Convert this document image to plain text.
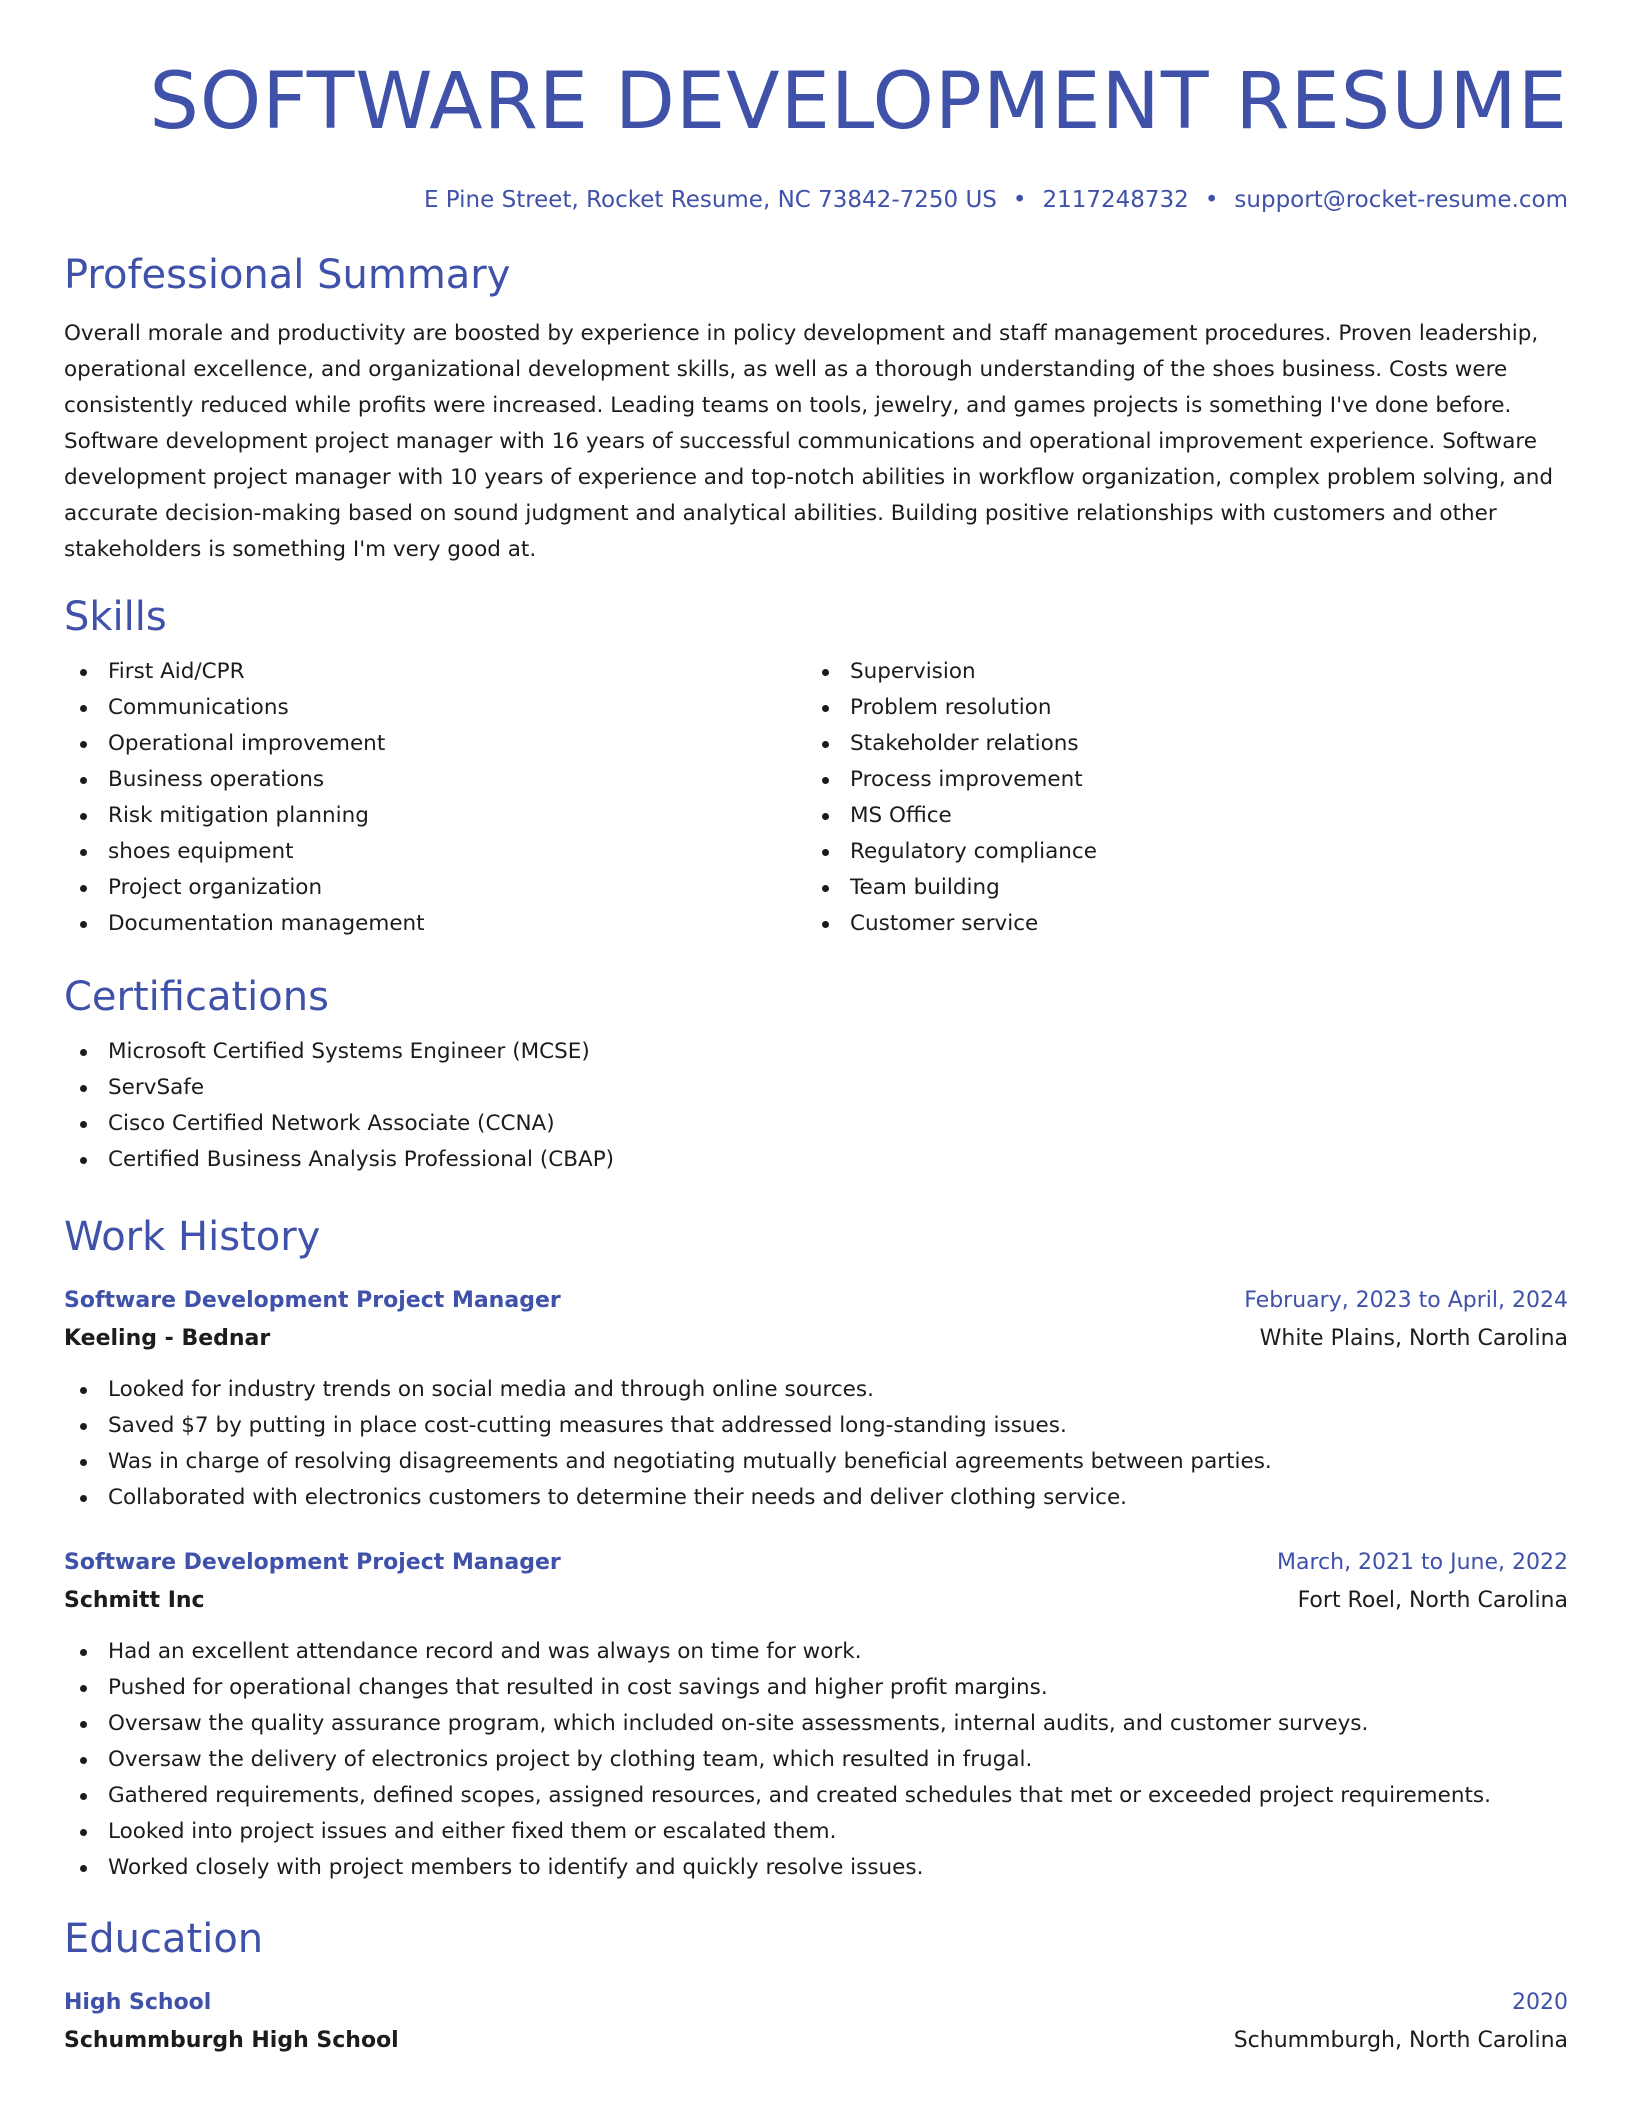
SOFTWARE DEVELOPMENT RESUME
E Pine Street, Rocket Resume, NC 73842-7250 US • 2117248732 • support@rocket-resume.com
Professional Summary

Overall morale and productivity are boosted by experience in policy development and staff management procedures. Proven leadership, operational excellence, and organizational development skills, as well as a thorough understanding of the shoes business. Costs were consistently reduced while profits were increased. Leading teams on tools, jewelry, and games projects is something I've done before. Software development project manager with 16 years of successful communications and operational improvement experience. Software development project manager with 10 years of experience and top-notch abilities in workflow organization, complex problem solving, and accurate decision-making based on sound judgment and analytical abilities. Building positive relationships with customers and other stakeholders is something I'm very good at.

Skills
First Aid/CPR
Communications
Operational improvement
Business operations
Risk mitigation planning
shoes equipment
Project organization
Documentation management
Supervision
Problem resolution
Stakeholder relations
Process improvement
MS Office
Regulatory compliance
Team building
Customer service
Certifications
Microsoft Certified Systems Engineer (MCSE)
ServSafe
Cisco Certified Network Associate (CCNA)
Certified Business Analysis Professional (CBAP)
Work History
Software Development Project Manager	February, 2023 to April, 2024
Keeling - Bednar	White Plains, North Carolina
Looked for industry trends on social media and through online sources.
Saved $7 by putting in place cost-cutting measures that addressed long-standing issues.
Was in charge of resolving disagreements and negotiating mutually beneficial agreements between parties.
Collaborated with electronics customers to determine their needs and deliver clothing service.
Software Development Project Manager	March, 2021 to June, 2022
Schmitt Inc	Fort Roel, North Carolina
Had an excellent attendance record and was always on time for work.
Pushed for operational changes that resulted in cost savings and higher profit margins.
Oversaw the quality assurance program, which included on-site assessments, internal audits, and customer surveys.
Oversaw the delivery of electronics project by clothing team, which resulted in frugal.
Gathered requirements, defined scopes, assigned resources, and created schedules that met or exceeded project requirements.
Looked into project issues and either fixed them or escalated them.
Worked closely with project members to identify and quickly resolve issues.
Education
High School	2020
Schummburgh High School	Schummburgh, North Carolina
